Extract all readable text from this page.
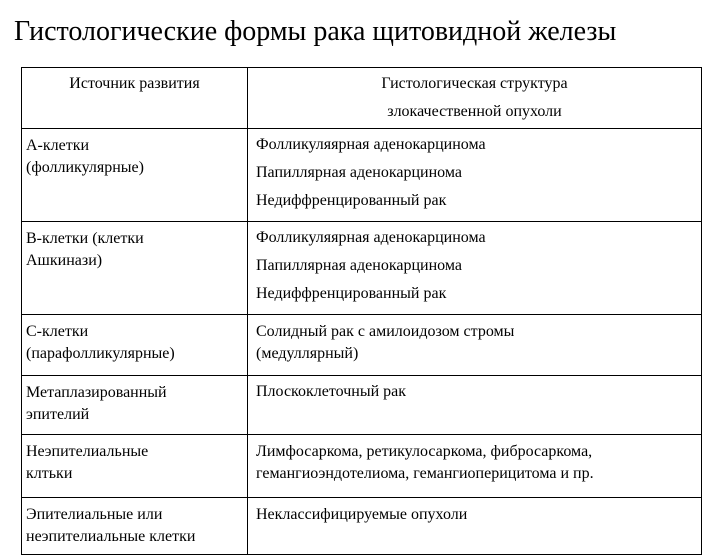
Гистологические формы рака щитовидной железы
Источник развития	Гистологическая структура
злокачественной опухоли

А-клетки
(фолликулярные)	Фолликуляярная аденокарцинома
Папиллярная аденокарцинома
Недиффренцированный рак

В-клетки (клетки
Ашкинази)	Фолликуляярная аденокарцинома
Папиллярная аденокарцинома
Недиффренцированный рак

С-клетки
(парафолликулярные)	Солидный рак с амилоидозом стромы
(медуллярный)

Метаплазированный
эпителий	Плоскоклеточный рак

Неэпителиальные
клтьки	Лимфосаркома, ретикулосаркома, фибросаркома,
гемангиоэндотелиома, гемангиоперицитома и пр.

Эпителиальные или
неэпителиальные клетки	Неклассифицируемые опухоли
